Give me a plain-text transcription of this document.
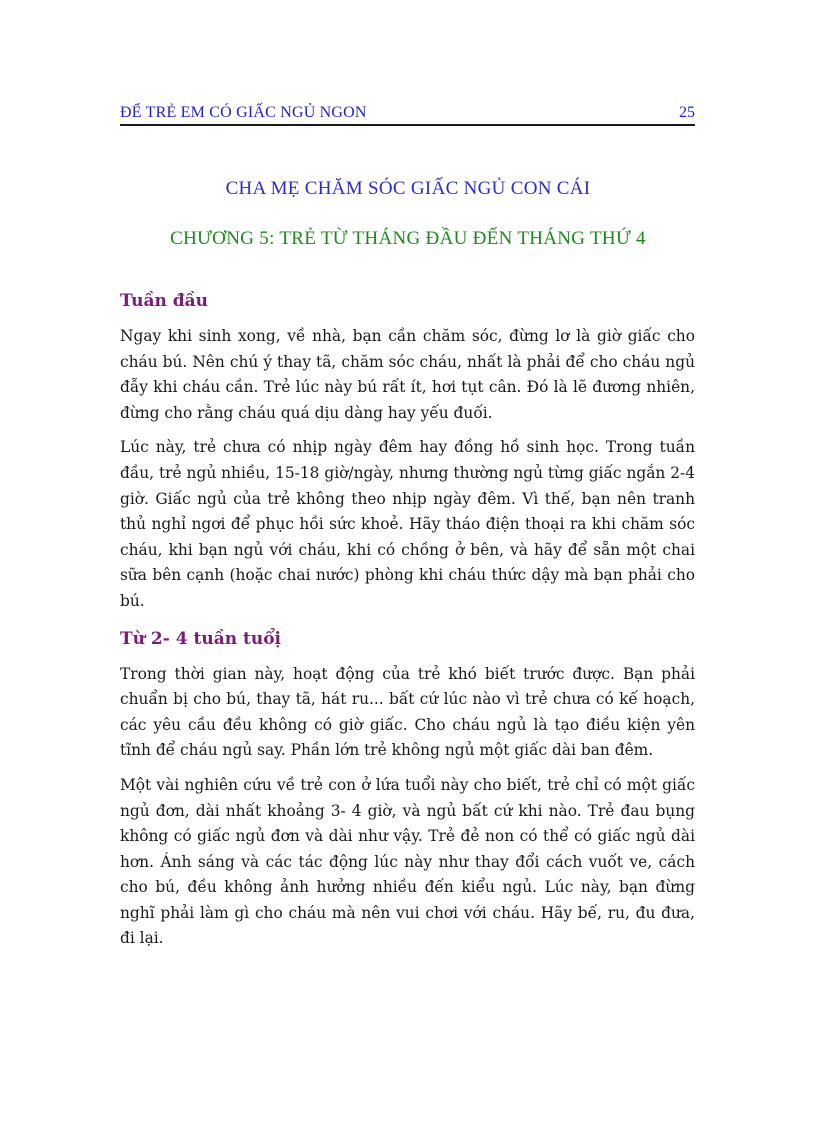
ĐỂ TRẺ EM CÓ GIẤC NGỦ NGON	25
CHA MẸ CHĂM SÓC GIẤC NGỦ CON CÁI
CHƯƠNG 5: TRẺ TỪ THÁNG ĐẦU ĐẾN THÁNG THỨ 4
Tuần đầu

Ngay khi sinh xong, về nhà, bạn cần chăm sóc, đừng lơ là giờ giấc cho cháu bú. Nên chú ý thay tã, chăm sóc cháu, nhất là phải để cho cháu ngủ đẫy khi cháu cần. Trẻ lúc này bú rất ít, hơi tụt cân. Đó là lẽ đương nhiên, đừng cho rằng cháu quá dịu dàng hay yếu đuối.

Lúc này, trẻ chưa có nhịp ngày đêm hay đồng hồ sinh học. Trong tuần đầu, trẻ ngủ nhiều, 15-18 giờ/ngày, nhưng thường ngủ từng giấc ngắn 2-4 giờ. Giấc ngủ của trẻ không theo nhịp ngày đêm. Vì thế, bạn nên tranh thủ nghỉ ngơi để phục hồi sức khoẻ. Hãy tháo điện thoại ra khi chăm sóc cháu, khi bạn ngủ với cháu, khi có chồng ở bên, và hãy để sẵn một chai sữa bên cạnh (hoặc chai nước) phòng khi cháu thức dậy mà bạn phải cho bú.

Từ 2- 4 tuần tuổị

Trong thời gian này, hoạt động của trẻ khó biết trước được. Bạn phải chuẩn bị cho bú, thay tã, hát ru... bất cứ lúc nào vì trẻ chưa có kế hoạch, các yêu cầu đều không có giờ giấc. Cho cháu ngủ là tạo điều kiện yên tĩnh để cháu ngủ say. Phần lớn trẻ không ngủ một giấc dài ban đêm.

Một vài nghiên cứu về trẻ con ở lứa tuổi này cho biết, trẻ chỉ có một giấc ngủ đơn, dài nhất khoảng 3- 4 giờ, và ngủ bất cứ khi nào. Trẻ đau bụng không có giấc ngủ đơn và dài như vậy. Trẻ đẻ non có thể có giấc ngủ dài hơn. Ánh sáng và các tác động lúc này như thay đổi cách vuốt ve, cách cho bú, đều không ảnh hưởng nhiều đến kiểu ngủ. Lúc này, bạn đừng nghĩ phải làm gì cho cháu mà nên vui chơi với cháu. Hãy bế, ru, đu đưa, đi lại.
